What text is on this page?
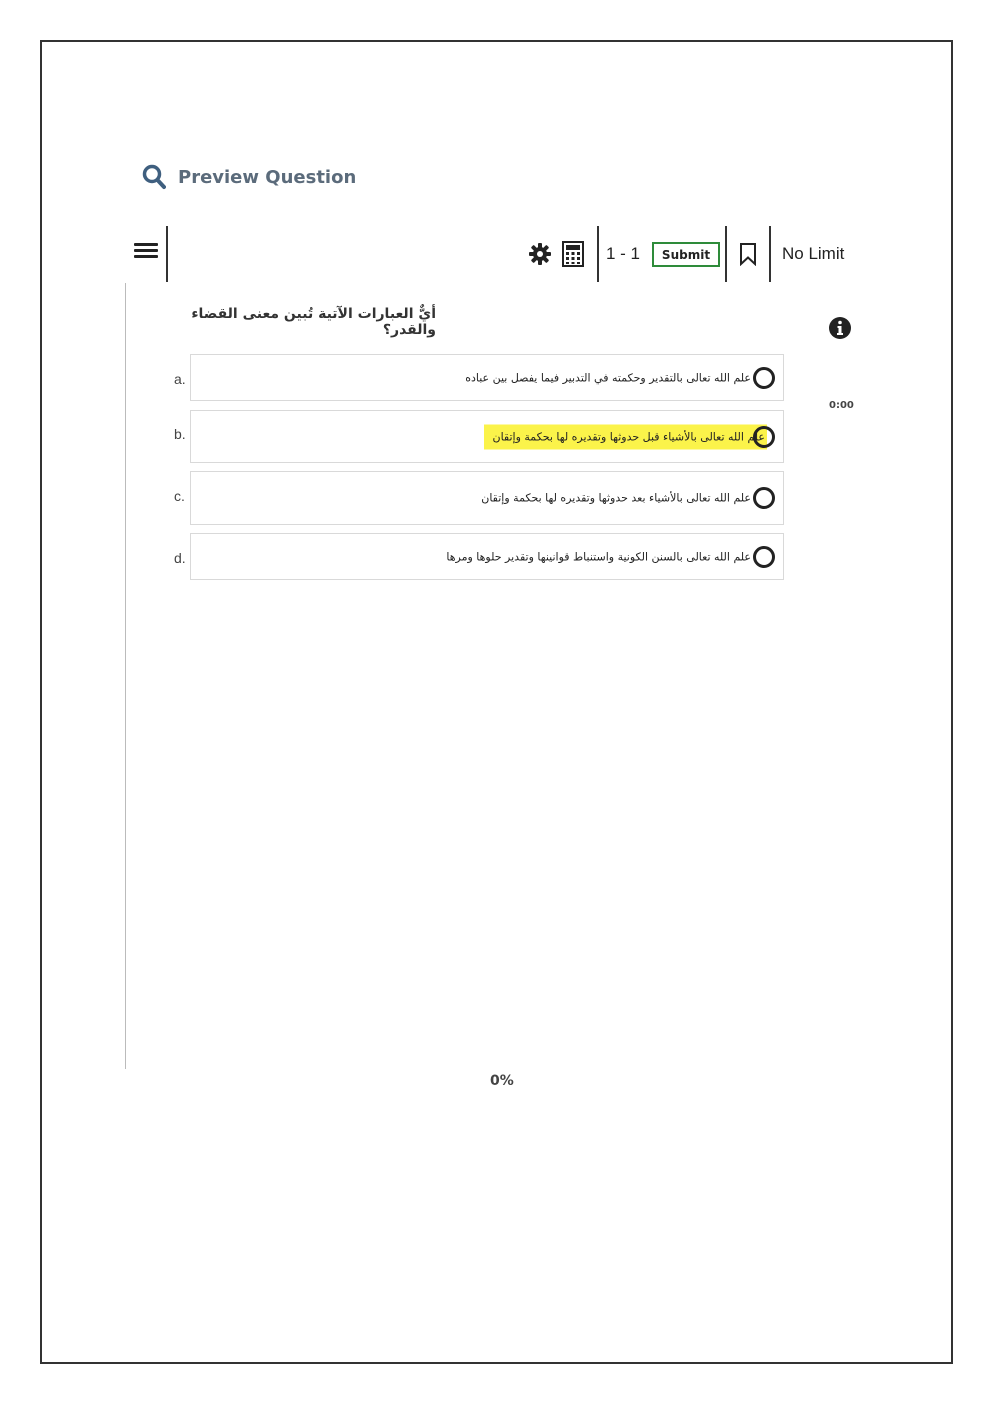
Preview Question
1 - 1	Submit	No Limit
أيٌّ العبارات الآتية تُبين معنى القضاء والقدر؟
0:00
a.	علم الله تعالى بالتقدير وحكمته في التدبير فيما يفصل بين عباده
b.	علم الله تعالى بالأشياء قبل حدوثها وتقديره لها بحكمة وإتقان
c.	علم الله تعالى بالأشياء بعد حدوثها وتقديره لها بحكمة وإتقان
d.	علم الله تعالى بالسنن الكونية واستنباط قوانينها وتقدير حلوها ومرها
0%
